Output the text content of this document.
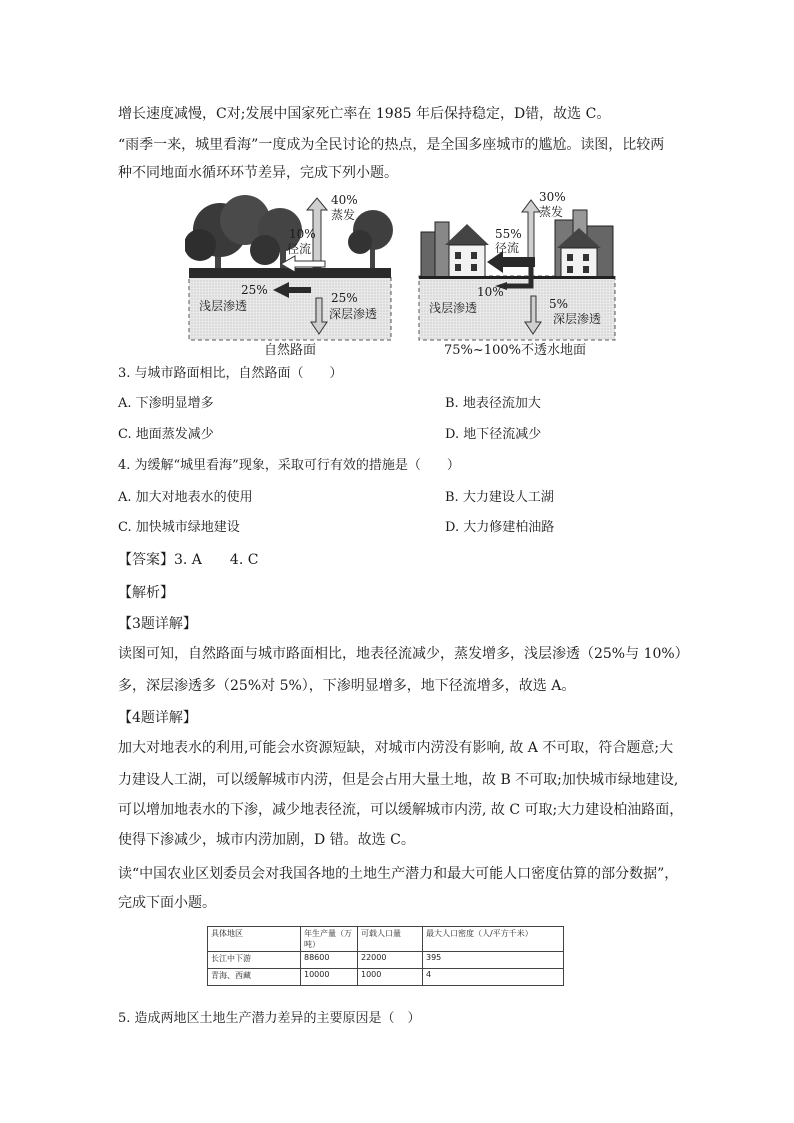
增长速度减慢，C对;发展中国家死亡率在 1985 年后保持稳定，D错，故选 C。
“雨季一来，城里看海”一度成为全民讨论的热点，是全国多座城市的尴尬。读图，比较两
种不同地面水循环环节差异，完成下列小题。
40%
蒸发
10%
径流
25%
浅层渗透
25%
深层渗透
自然路面
30%
蒸发
55%
径流
10%
浅层渗透	5%
深层渗透
75%~100%不透水地面
3. 与城市路面相比，自然路面（　　）
A. 下渗明显增多	B. 地表径流加大
C. 地面蒸发减少	D. 地下径流减少
4. 为缓解“城里看海”现象，采取可行有效的措施是（　　）
A. 加大对地表水的使用	B. 大力建设人工湖
C. 加快城市绿地建设	D. 大力修建柏油路
【答案】3. A　　4. C
【解析】
【3题详解】
读图可知，自然路面与城市路面相比，地表径流减少，蒸发增多，浅层渗透（25%与 10%）
多，深层渗透多（25%对 5%），下渗明显增多，地下径流增多，故选 A。
【4题详解】
加大对地表水的利用,可能会水资源短缺，对城市内涝没有影响, 故 A 不可取，符合题意;大
力建设人工湖，可以缓解城市内涝，但是会占用大量土地，故 B 不可取;加快城市绿地建设,
可以增加地表水的下渗，减少地表径流，可以缓解城市内涝, 故 C 可取;大力建设柏油路面，
使得下渗减少，城市内涝加剧，D 错。故选 C。
读“中国农业区划委员会对我国各地的土地生产潜力和最大可能人口密度估算的部分数据”，
完成下面小题。
具体地区	年生产量（万吨）	可载人口量	最大人口密度（人/平方千米）
长江中下游	88600	22000	395
青海、西藏	10000	1000	4
5. 造成两地区土地生产潜力差异的主要原因是（　）
